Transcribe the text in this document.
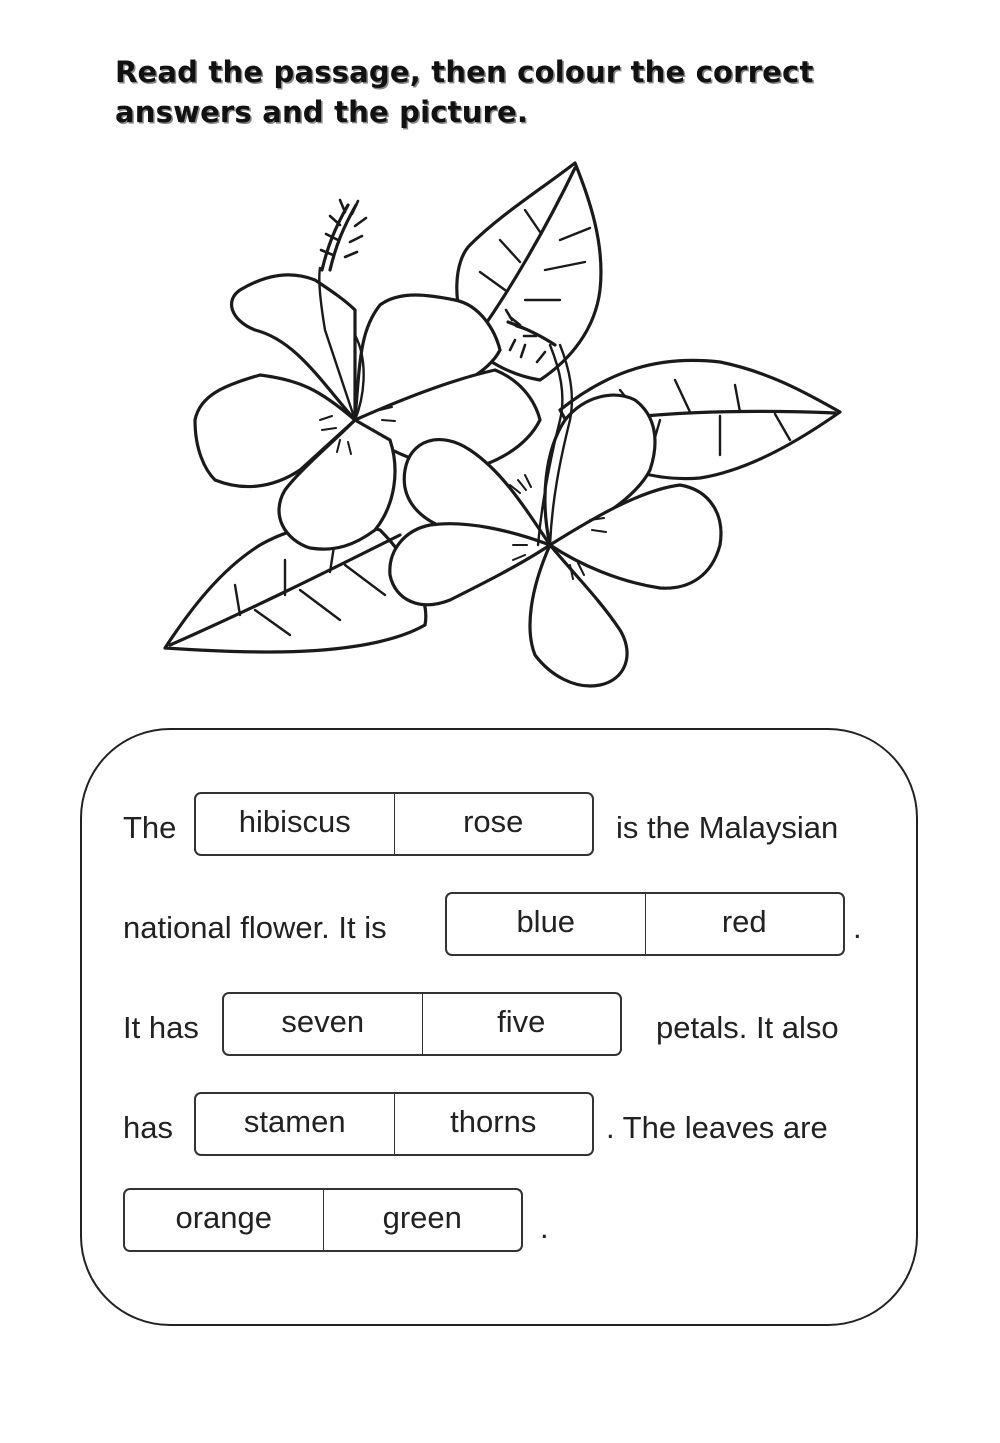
Read the passage, then colour the correct
answers and the picture.
The	hibiscus	rose	is the Malaysian
national flower. It is	blue	red	.
It has	seven	five	petals. It also
has	stamen	thorns	. The leaves are
orange	green	.
